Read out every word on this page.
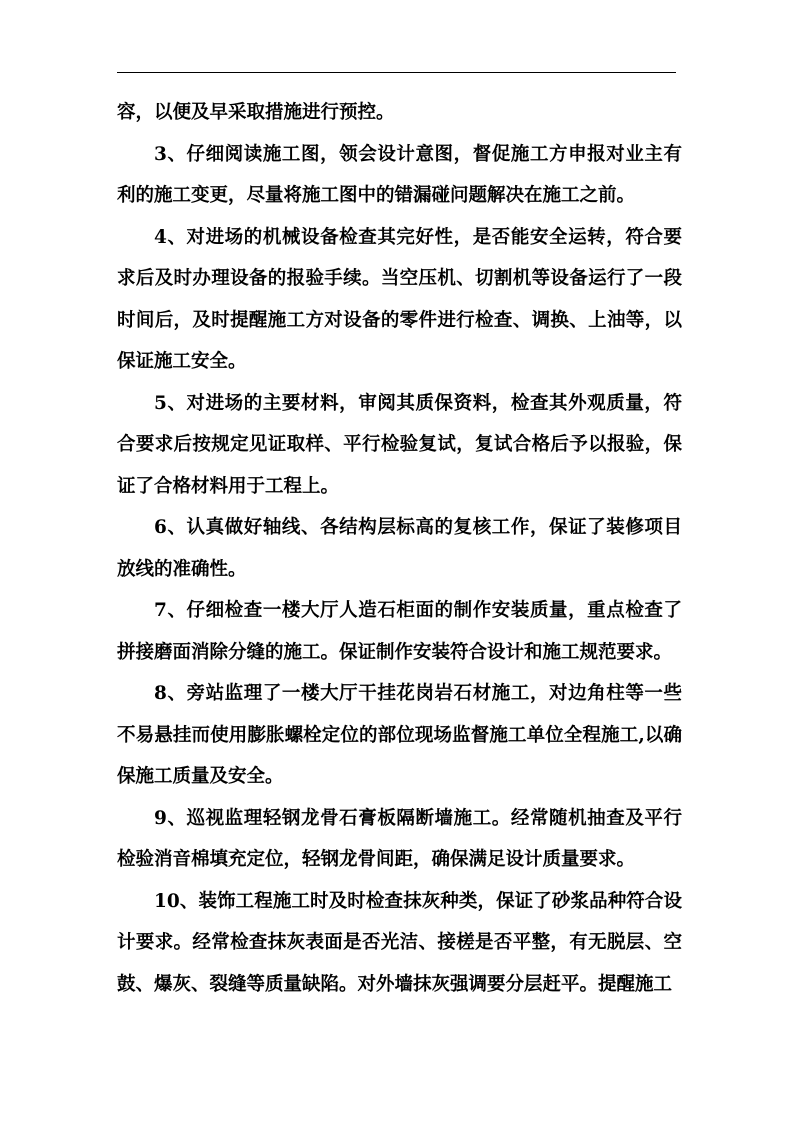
容，以便及早采取措施进行预控。

3、仔细阅读施工图，领会设计意图，督促施工方申报对业主有利的施工变更，尽量将施工图中的错漏碰问题解决在施工之前。

4、对进场的机械设备检查其完好性，是否能安全运转，符合要求后及时办理设备的报验手续。当空压机、切割机等设备运行了一段时间后，及时提醒施工方对设备的零件进行检查、调换、上油等，以保证施工安全。

5、对进场的主要材料，审阅其质保资料，检查其外观质量，符合要求后按规定见证取样、平行检验复试，复试合格后予以报验，保证了合格材料用于工程上。

6、认真做好轴线、各结构层标高的复核工作，保证了装修项目放线的准确性。

7、仔细检查一楼大厅人造石柜面的制作安装质量，重点检查了拼接磨面消除分缝的施工。保证制作安装符合设计和施工规范要求。

8、旁站监理了一楼大厅干挂花岗岩石材施工，对边角柱等一些不易悬挂而使用膨胀螺栓定位的部位现场监督施工单位全程施工,以确保施工质量及安全。

9、巡视监理轻钢龙骨石膏板隔断墙施工。经常随机抽查及平行检验消音棉填充定位，轻钢龙骨间距，确保满足设计质量要求。

10、装饰工程施工时及时检查抹灰种类，保证了砂浆品种符合设计要求。经常检查抹灰表面是否光洁、接槎是否平整，有无脱层、空鼓、爆灰、裂缝等质量缺陷。对外墙抹灰强调要分层赶平。提醒施工
